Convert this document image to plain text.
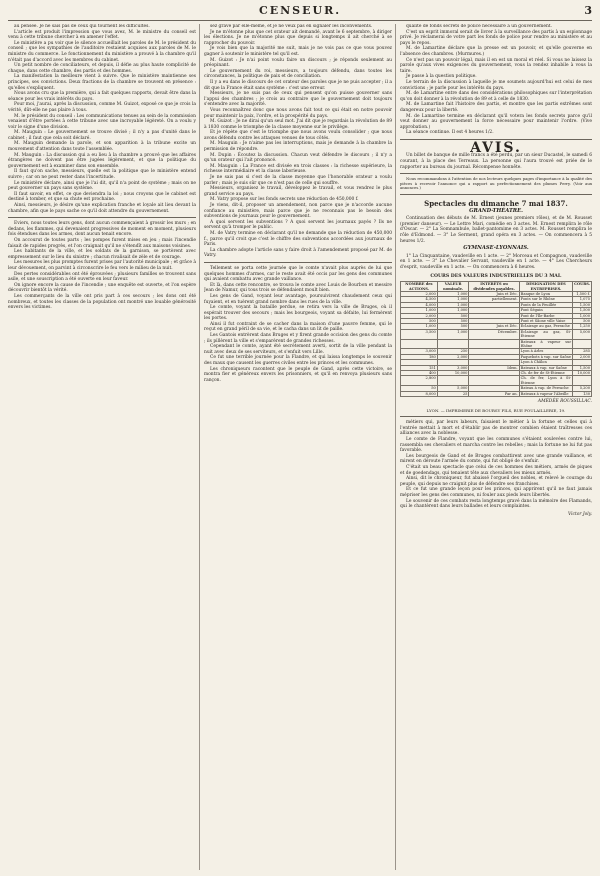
CENSEUR.	3

au pensée. Je ne sais pas de ceux qui tournent les difficultés.

L'article est produit l'impression que vous avez, M. le ministre du conseil est venu à cette tribune chercher à en amener l'effet.

Le ministère a pu voir que le silence accueillait les paroles de M. le président du conseil ; que les sympathies de l'auditoire restaient acquises aux paroles de M. le ministre du commerce. Le fonctionnement du ministère a prouvé à la chambre qu'il n'était pas d'accord avec les membres du cabinet.

Un petit nombre de conciliateurs, et depuis, il défie au plus haute complicité de chaque, dans cette chambre, des partis et des hommes.

La manifestation la meilleure vient à suivre. Que le ministère maintienne ses principes, ses convictions. Deux fractions de la chambre se trouvent en présence : qu'elles s'expliquent.

Nous avons cru que la première, qui a fait quelques rapports, devait être dans la séance pour les vrais intérêts du pays.

Pour moi, j'aurai, après la discussion, comme M. Guizot, exposé ce que je crois la vérité, dût-elle ne pas plaire à tous.

M. le président du conseil : Les communications tenues au sein de la commission venaient d'être portées à cette tribune avec une incroyable légèreté. On a voulu y voir le signe d'une division.

M. Mauguin : Le gouvernement se trouve divisé ; il n'y a pas d'unité dans le cabinet ; il faut que cela soit déclaré.

M. Mauguin demande la parole, et son apparition à la tribune excite un mouvement d'attention dans toute l'assemblée.

M. Mauguin : La discussion qui a eu lieu à la chambre a prouvé que les affaires étrangères ne doivent pas être jugées légèrement, et que la politique du gouvernement est à examiner dans son ensemble.

Il faut qu'on sache, messieurs, quelle est la politique que le ministère entend suivre ; car on ne peut rester dans l'incertitude.

Le ministère déclare, ainsi que je l'ai dit, qu'il n'a point de système ; mais on ne peut gouverner un pays sans système.

Il faut savoir, en effet, ce que deviendra la loi ; nous croyons que le cabinet est destiné à tomber, et que sa chute est prochaine.

Ainsi, messieurs, je désire qu'une explication franche et loyale ait lieu devant la chambre, afin que le pays sache ce qu'il doit attendre du gouvernement.

Eviers, nous toutes leurs gens, dont aucun commençaient à grossir les murs ; en dedans, les flammes, qui devenaient progressives de moment en moment, plusieurs fois étendues dans les armes, dont aucun tenait encore.

On accourut de toutes parts ; les pompes furent mises en jeu ; mais l'incendie faisait de rapides progrès, et l'on craignait qu'il ne s'étendît aux maisons voisines.

Les habitants de la ville, et les soldats de la garnison, se portèrent avec empressement sur le lieu du sinistre ; chacun rivalisait de zèle et de courage.

Les mesures les plus promptes furent prises par l'autorité municipale ; et grâce à leur dévouement, on parvint à circonscrire le feu vers le milieu de la nuit.

Des pertes considérables ont été éprouvées ; plusieurs familles se trouvent sans asile, et une souscription a été ouverte en leur faveur.

On ignore encore la cause de l'incendie ; une enquête est ouverte, et l'on espère découvrir bientôt la vérité.

Les commerçants de la ville ont pris part à ces secours ; les dons ont été nombreux, et toutes les classes de la population ont montré une louable générosité envers les victimes.

sez grave par elle-même, et je ne veux pas en signaler les inconvénients.

Je ne m'étonne plus que cet orateur ait demandé, avant le 6 septembre, à diriger les élections. Je ne m'étonne plus que depuis si longtemps il ait cherché à se rapprocher du pouvoir.

Je vois bien que la majorité me suit, mais je ne vois pas ce que vous pouvez gagner à soutenir le ministère tel qu'il est.

M. Guizot : Je n'ai point voulu faire un discours ; je réponds seulement au préopinant.

Le gouvernement du roi, messieurs, a toujours défendu, dans toutes les circonstances, la politique de paix et de conciliation.

Il y a eu dans le discours de cet orateur des paroles que je ne puis accepter ; il a dit que la France était sans système : c'est une erreur.

Messieurs, je ne suis pas de ceux qui pensent qu'on puisse gouverner sans l'appui des chambres ; je crois au contraire que le gouvernement doit toujours s'entendre avec la majorité.

Vous reconnaîtrez donc que nous avons fait tout ce qui était en notre pouvoir pour maintenir la paix, l'ordre, et la prospérité du pays.

M. Guizot : Je ne dirai qu'un seul mot. J'ai dit que je regardais la révolution de 89 à 1830 comme le triomphe de la classe moyenne sur le privilège.

Et je répète que c'est le triomphe que nous avons voulu consolider ; que nous avons défendu contre les attaques venues de tous côtés.

M. Mauguin : Je n'aime pas les interruptions, mais je demande à la chambre la permission de répondre.

M. Dupin : Écoutez la discussion. Chacun veut défendre le discours ; il n'y a qu'un orateur qui l'ait prononcé.

M. Mauguin : La France est divisée en trois classes : la richesse supérieure, la richesse intermédiaire et la classe laborieuse.

Je ne sais pas si c'est de la classe moyenne que l'honorable orateur a voulu parler ; mais je suis sûr que ce n'est pas de celle qui souffre.

Messieurs, organisez le travail, développez le travail, et vous rendrez le plus grand service au pays.

M. Vatry propose sur les fonds secrets une réduction de 450,000 f.

Je viens, dit-il, proposer un amendement, non parce que je n'accorde aucune confiance au ministère, mais parce que je ne reconnais pas le besoin des subventions de journaux pour le gouvernement.

A quoi servent les subventions ? A quoi servent les journaux payés ? Ils ne servent qu'à tromper le public.

M. de Vatry termine en déclarant qu'il ne demande que la réduction de 450,000 f., parce qu'il croit que c'est le chiffre des subventions accordées aux journaux de Paris.

La chambre adopte l'article sans y faire droit à l'amendement proposé par M. de Vatry.

Tellement se porta cette journée que le comte n'avait plus auprès de lui que quelques hommes d'armes, car le reste avait été occis par les gens des communes qui avaient combattu avec grande vaillance.

Et là, dans cette rencontre, se trouva le comte avec Louis de Bourbon et messire Jean de Namur, qui tous trois se défendaient moult bien.

Les gens de Gand, voyant leur avantage, poursuivirent chaudement ceux qui fuyaient, et en tuèrent grand nombre dans les rues de la ville.

Le comte, voyant la bataille perdue, se retira vers la ville de Bruges, où il espérait trouver des secours ; mais les bourgeois, voyant sa défaite, lui fermèrent les portes.

Ainsi il fut contraint de se cacher dans la maison d'une pauvre femme, qui le reçut en grand péril de sa vie, et le cacha dans un lit de paille.

Les Gantois entrèrent dans Bruges et y firent grande occision des gens du comte ; ils pillèrent la ville et s'emparèrent de grandes richesses.

Cependant le comte, ayant été secrètement averti, sortit de la ville pendant la nuit avec deux de ses serviteurs, et s'enfuit vers Lille.

Ce fut une terrible journée pour la Flandre, et qui laissa longtemps le souvenir des maux que causent les guerres civiles entre les princes et les communes.

Les chroniqueurs racontent que le peuple de Gand, après cette victoire, se montra fier et généreux envers les prisonniers, et qu'il en renvoya plusieurs sans rançon.

qualité de fonds secrets de police nécessaire à un gouvernement.

C'est un esprit immoral serait de livrer à la surveillance des partis à un espionnage privé. Je réclamerai de votre part les fonds de police pour rendre au ministère et au pays le repos.

M. de Lamartine déclare que la presse est un pouvoir, et qu'elle gouverne en l'absence des chambres. (Murmures.)

Ce n'est pas un pouvoir légal, mais il en est un moral et réel. Si vous ne laissez la parole qu'aux vives exigences du gouvernement, vous la rendez inhabile à vous la taire.

Je passe à la question politique.

Le terrain de la discussion à laquelle je me soumets aujourd'hui est celui de mes convictions ; je parle pour les intérêts du pays.

M. de Lamartine entre dans des considérations philosophiques sur l'interprétation qu'on doit donner à la révolution de 89 et à celle de 1830.

M. de Lamartine fait l'histoire des partis, et montre que les partis extrêmes sont dangereux pour la liberté.

M. de Lamartine termine en déclarant qu'il votera les fonds secrets parce qu'il veut donner au gouvernement la force nécessaire pour maintenir l'ordre. (Vive approbation.)

La séance continue. Il est 4 heures 1/2.

AVIS.

Un billet de banque de mille francs a été perdu, par un sieur Ducastel, le samedi 6 courant, à la place des Terreaux. La personne qui l'aura trouvé est priée de le rapporter au bureau du journal. Récompense honnête.

Nous recommandons à l'attention de nos lecteurs quelques pages d'importance à la qualité des pièces à recevoir l'annonce qui a rapport au perfectionnement des plumes Perry. (Voir aux annonces.)

Spectacles du dimanche 7 mai 1837.
GRAND-THÉATRE.

Continuation des débuts de M. Ernest (jeunes premiers rôles), et de M. Rousset (premier danseur). — Le Lettre Mari, comédie en 3 actes. M. Ernest remplira le rôle d'Oscar. — 2° La Somnambule, ballet-pantomime en 3 actes. M. Rousset remplira le rôle d'Edmond. — 3° Le Serment, grand opéra en 3 actes. — On commencera à 5 heures 1/2.

GYMNASE-LYONNAIS.

1° La Cinquantaine, vaudeville en 1 acte. — 2° Morceau et Compagnon, vaudeville en 1 acte. — 3° Le Chevalier Servant, vaudeville en 1 acte. — 4° Les Chercheurs d'esprit, vaudeville en 1 acte. — On commencera à 6 heures.

COURS DES VALEURS INDUSTRIELLES DU 3 MAI.
NOMBRE des ACTIONS.	VALEUR nominale.	INTÉRÊTS ou dividendes payables.	DÉSIGNATION DES ENTREPRISES.	COURS.
2,000	1,000	Juin et Déc.	Banque de Lyon	1,500 f.
4,500	1,000	partiellement.	Ponts sur le Rhône	1,075
4,000	1,000		Ponts de la Feuillée	1,500
1,000	1,000		Pont Séguin	1,500
2,000	500		Pont de l'Ile-Barbe	1,000
500	500		Pont et Sâone ville Vaise	500
1,000	500	Juin et Déc.	Éclairage au gaz, Perrache	1,250
3,500	1,000	Décembre.	Éclairage au gaz, St-Étienne	5,000
			Bateaux à vapeur sur Rhône	
3,000	250		Lyon à Arles	285
180	2,000		Paquebots à vap. sur Saône	2,000
			Lyon à Châlon	
151	3,000	Idem.	Bateaux à vap. sur Saône	1,500
400	10,000		Ch. de fer de St-Étienne	10,000
2,800			Ch. de fer, Lyon à St-Étienne	
50	5,000		Bateau à vap. de Perrache	5,200
8,000	25	Par an.	Bateaux à vapeur l'Abeille	130
AMÉDÉE ROUSSILLAC.
LYON. — IMPRIMERIE DE BOURSY FILS, RUE POULAILLERIE, 19.

métiers qui, par leurs labeurs, faisaient le métier à la fortune et celles qui à l'entrée mettait à mort et d'établir pas de montrer combien étaient traîtresses ces alliances avec la noblesse.

Le comte de Flandre, voyant que les communes s'étaient soulevées contre lui, rassembla ses chevaliers et marcha contre les rebelles ; mais la fortune ne lui fut pas favorable.

Les bourgeois de Gand et de Bruges combattirent avec une grande vaillance, et mirent en déroute l'armée du comte, qui fut obligé de s'enfuir.

C'était un beau spectacle que celui de ces hommes des métiers, armés de piques et de goedendags, qui tenaient tête aux chevaliers les mieux armés.

Ainsi, dit le chroniqueur, fut abaissé l'orgueil des nobles, et relevé le courage du peuple, qui depuis ne craignit plus de défendre ses franchises.

Et ce fut une grande leçon pour les princes, qui apprirent qu'il ne faut jamais mépriser les gens des communes, ni fouler aux pieds leurs libertés.

Le souvenir de ces combats resta longtemps gravé dans la mémoire des Flamands, qui le chantèrent dans leurs ballades et leurs complaintes.

Victor Joly.
